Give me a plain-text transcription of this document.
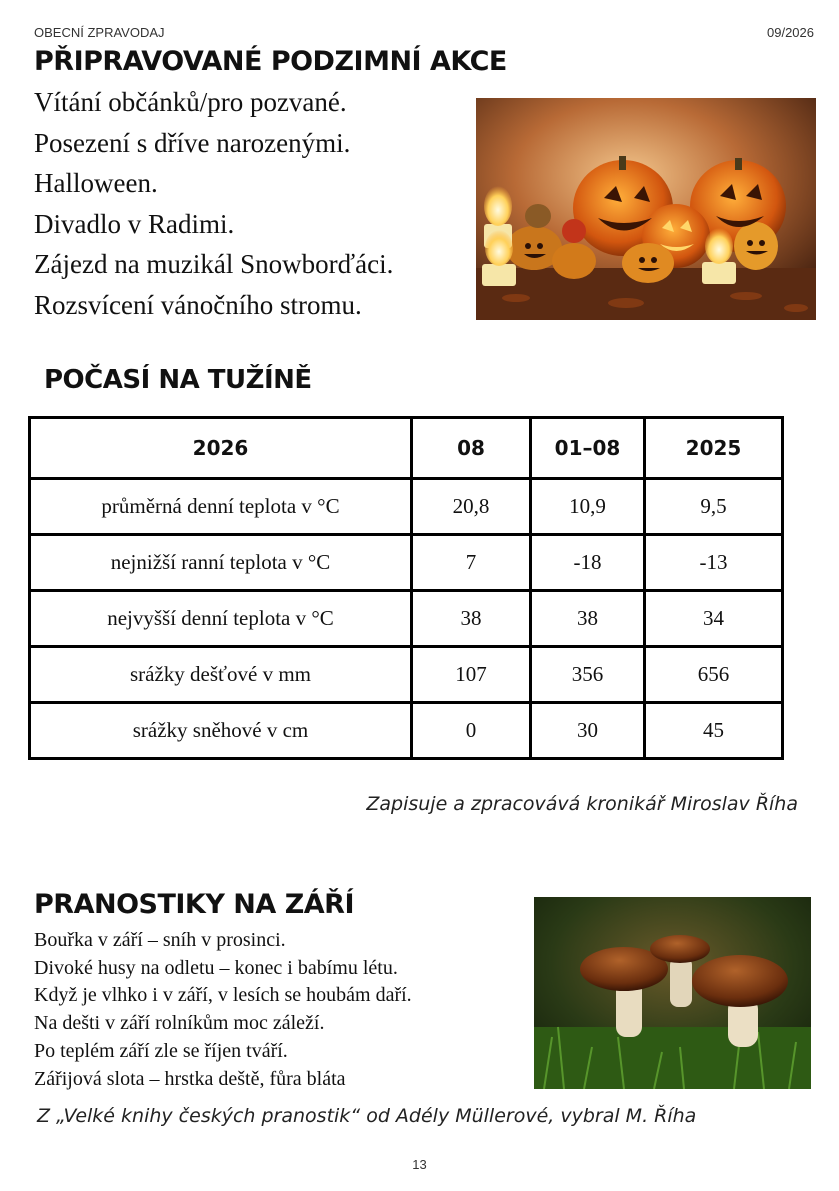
OBECNÍ ZPRAVODAJ	09/2026
PŘIPRAVOVANÉ PODZIMNÍ AKCE
Vítání občánků/pro pozvané.
Posezení s dříve narozenými.
Halloween.
Divadlo v Radimi.
Zájezd na muzikál Snowborďáci.
Rozsvícení vánočního stromu.
POČASÍ NA TUŽÍNĚ
2026	08	01–08	2025
průměrná denní teplota v °C	20,8	10,9	9,5
nejnižší ranní teplota v °C	7	-18	-13
nejvyšší denní teplota v °C	38	38	34
srážky dešťové v mm	107	356	656
srážky sněhové v cm	0	30	45
Zapisuje a zpracovává kronikář Miroslav Říha
PRANOSTIKY NA ZÁŘÍ
Bouřka v září – sníh v prosinci.
Divoké husy na odletu – konec i babímu létu.
Když je vlhko i v září, v lesích se houbám daří.
Na dešti v září rolníkům moc záleží.
Po teplém září zle se říjen tváří.
Zářijová slota – hrstka deště, fůra bláta
Z „Velké knihy českých pranostik“ od Adély Müllerové, vybral M. Říha
13
